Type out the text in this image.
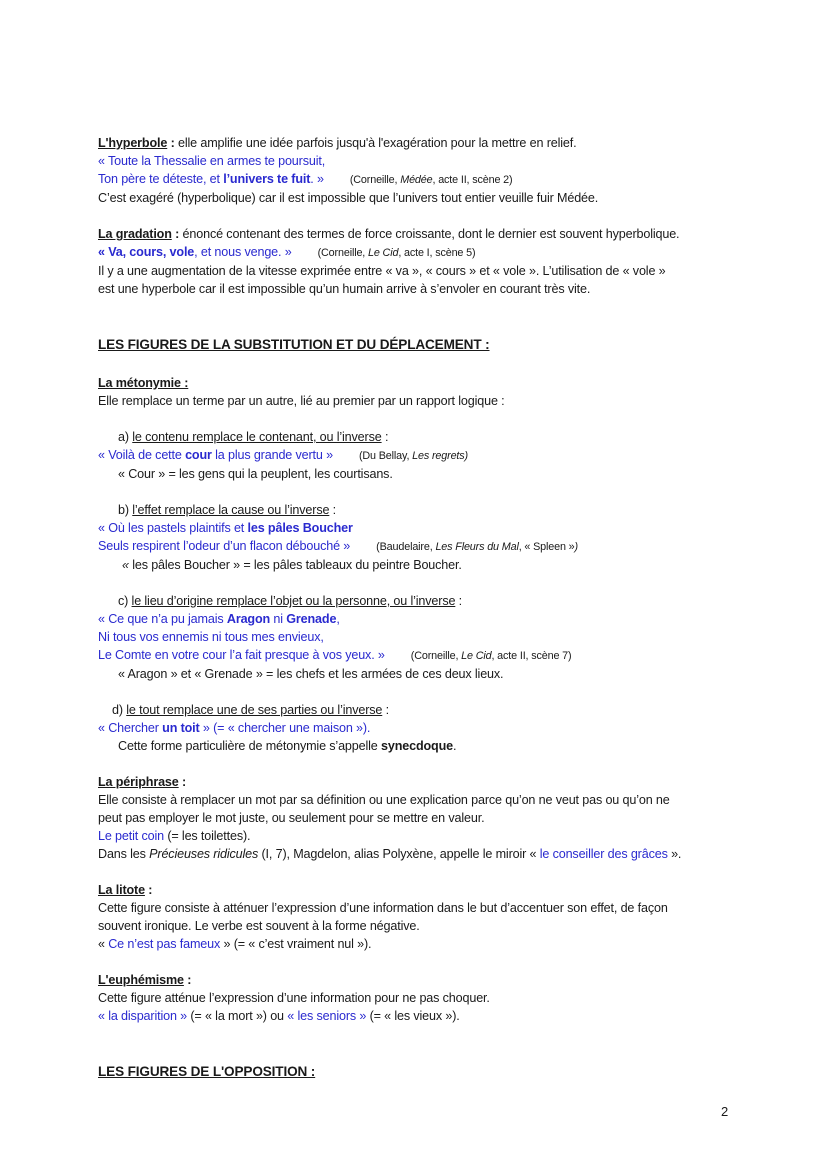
L'hyperbole : elle amplifie une idée parfois jusqu'à l'exagération pour la mettre en relief.
« Toute la Thessalie en armes te poursuit,
Ton père te déteste, et l’univers te fuit. » (Corneille, Médée, acte II, scène 2)
C’est exagéré (hyperbolique) car il est impossible que l’univers tout entier veuille fuir Médée.
La gradation : énoncé contenant des termes de force croissante, dont le dernier est souvent hyperbolique.
« Va, cours, vole, et nous venge. » (Corneille, Le Cid, acte I, scène 5)
Il y a une augmentation de la vitesse exprimée entre « va », « cours » et « vole ». L’utilisation de « vole »
est une hyperbole car il est impossible qu’un humain arrive à s’envoler en courant très vite.
LES FIGURES DE LA SUBSTITUTION ET DU DÉPLACEMENT :
La métonymie :
Elle remplace un terme par un autre, lié au premier par un rapport logique :
a) le contenu remplace le contenant, ou l’inverse :
« Voilà de cette cour la plus grande vertu » (Du Bellay, Les regrets)
« Cour » = les gens qui la peuplent, les courtisans.
b) l’effet remplace la cause ou l’inverse :
« Où les pastels plaintifs et les pâles Boucher
Seuls respirent l’odeur d’un flacon débouché » (Baudelaire, Les Fleurs du Mal, « Spleen »)
« les pâles Boucher » = les pâles tableaux du peintre Boucher.
c) le lieu d’origine remplace l’objet ou la personne, ou l’inverse :
« Ce que n’a pu jamais Aragon ni Grenade,
Ni tous vos ennemis ni tous mes envieux,
Le Comte en votre cour l’a fait presque à vos yeux. » (Corneille, Le Cid, acte II, scène 7)
« Aragon » et « Grenade » = les chefs et les armées de ces deux lieux.
d) le tout remplace une de ses parties ou l’inverse :
« Chercher un toit » (= « chercher une maison »).
Cette forme particulière de métonymie s’appelle synecdoque.
La périphrase :
Elle consiste à remplacer un mot par sa définition ou une explication parce qu’on ne veut pas ou qu’on ne
peut pas employer le mot juste, ou seulement pour se mettre en valeur.
Le petit coin (= les toilettes).
Dans les Précieuses ridicules (I, 7), Magdelon, alias Polyxène, appelle le miroir « le conseiller des grâces ».
La litote :
Cette figure consiste à atténuer l’expression d’une information dans le but d’accentuer son effet, de façon
souvent ironique. Le verbe est souvent à la forme négative.
« Ce n’est pas fameux » (= « c’est vraiment nul »).
L'euphémisme :
Cette figure atténue l’expression d’une information pour ne pas choquer.
« la disparition » (= « la mort ») ou « les seniors » (= « les vieux »).
LES FIGURES DE L'OPPOSITION :
2
